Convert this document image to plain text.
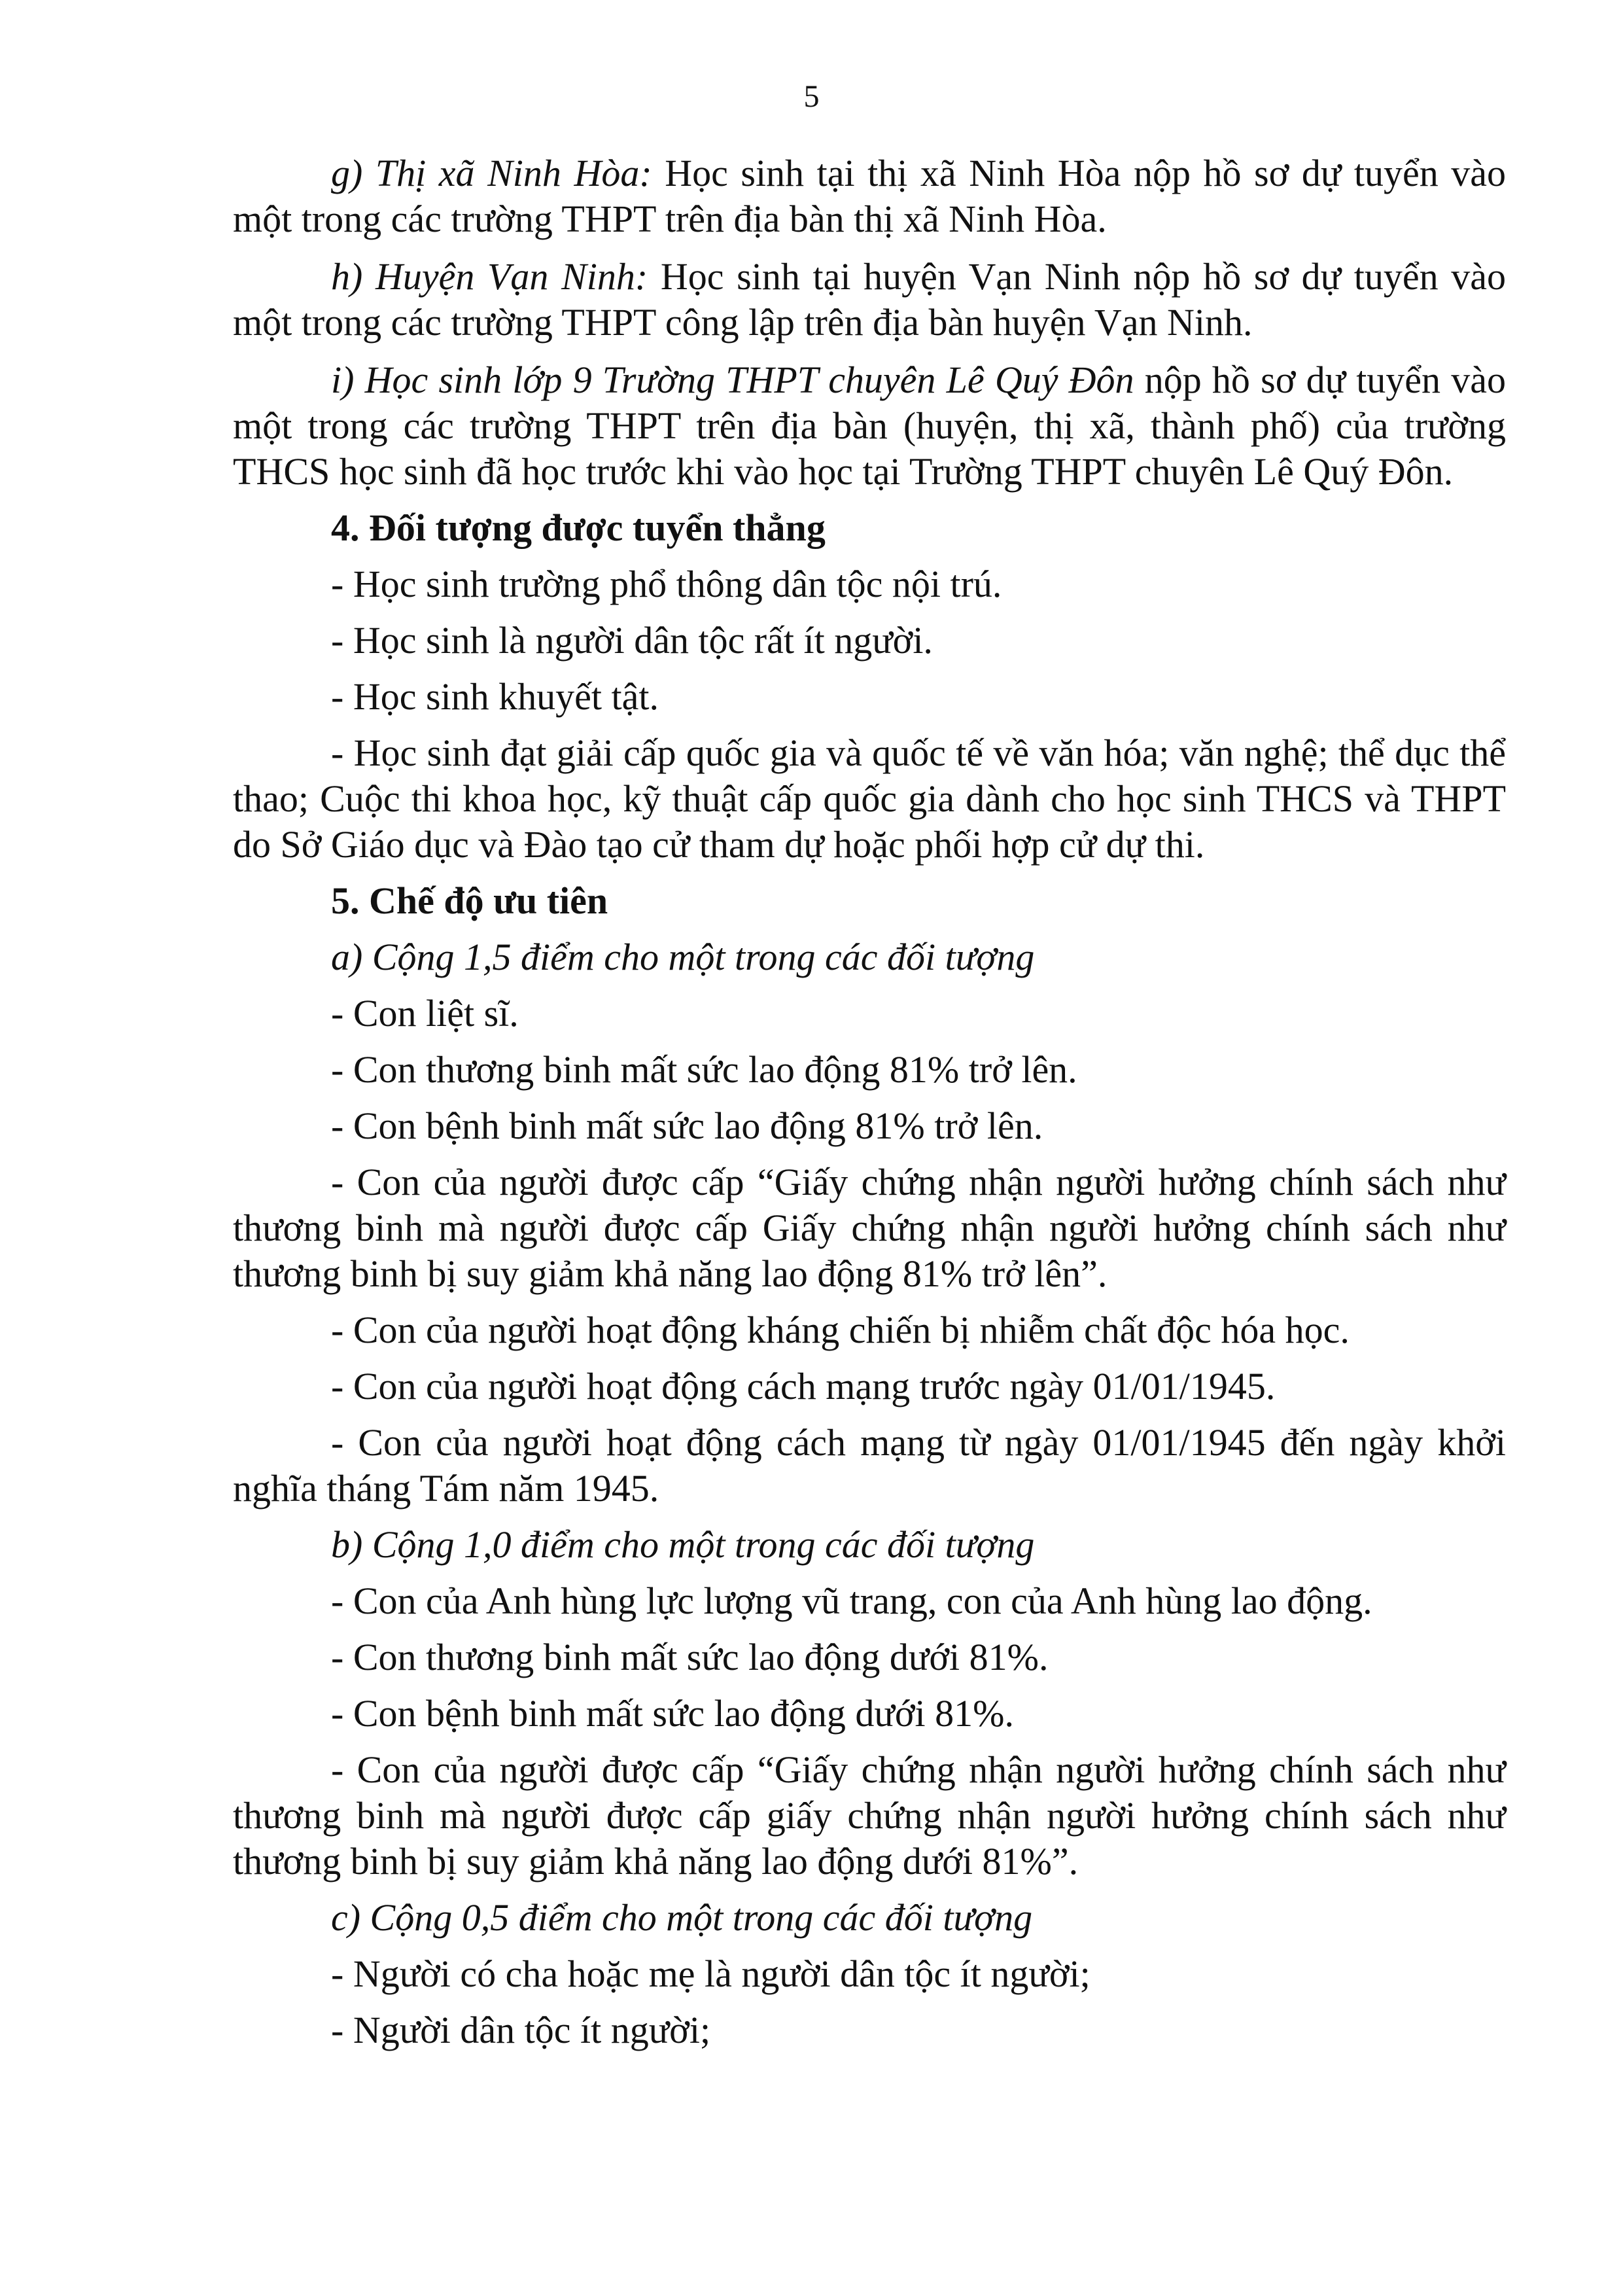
5

g) Thị xã Ninh Hòa: Học sinh tại thị xã Ninh Hòa nộp hồ sơ dự tuyển vào một trong các trường THPT trên địa bàn thị xã Ninh Hòa.

h) Huyện Vạn Ninh: Học sinh tại huyện Vạn Ninh nộp hồ sơ dự tuyển vào một trong các trường THPT công lập trên địa bàn huyện Vạn Ninh.

i) Học sinh lớp 9 Trường THPT chuyên Lê Quý Đôn nộp hồ sơ dự tuyển vào một trong các trường THPT trên địa bàn (huyện, thị xã, thành phố) của trường THCS học sinh đã học trước khi vào học tại Trường THPT chuyên Lê Quý Đôn.

4. Đối tượng được tuyển thẳng

- Học sinh trường phổ thông dân tộc nội trú.

- Học sinh là người dân tộc rất ít người.

- Học sinh khuyết tật.

- Học sinh đạt giải cấp quốc gia và quốc tế về văn hóa; văn nghệ; thể dục thể thao; Cuộc thi khoa học, kỹ thuật cấp quốc gia dành cho học sinh THCS và THPT do Sở Giáo dục và Đào tạo cử tham dự hoặc phối hợp cử dự thi.

5. Chế độ ưu tiên

a) Cộng 1,5 điểm cho một trong các đối tượng

- Con liệt sĩ.

- Con thương binh mất sức lao động 81% trở lên.

- Con bệnh binh mất sức lao động 81% trở lên.

- Con của người được cấp “Giấy chứng nhận người hưởng chính sách như thương binh mà người được cấp Giấy chứng nhận người hưởng chính sách như thương binh bị suy giảm khả năng lao động 81% trở lên”.

- Con của người hoạt động kháng chiến bị nhiễm chất độc hóa học.

- Con của người hoạt động cách mạng trước ngày 01/01/1945.

- Con của người hoạt động cách mạng từ ngày 01/01/1945 đến ngày khởi nghĩa tháng Tám năm 1945.

b) Cộng 1,0 điểm cho một trong các đối tượng

- Con của Anh hùng lực lượng vũ trang, con của Anh hùng lao động.

- Con thương binh mất sức lao động dưới 81%.

- Con bệnh binh mất sức lao động dưới 81%.

- Con của người được cấp “Giấy chứng nhận người hưởng chính sách như thương binh mà người được cấp giấy chứng nhận người hưởng chính sách như thương binh bị suy giảm khả năng lao động dưới 81%”.

c) Cộng 0,5 điểm cho một trong các đối tượng

- Người có cha hoặc mẹ là người dân tộc ít người;

- Người dân tộc ít người;
